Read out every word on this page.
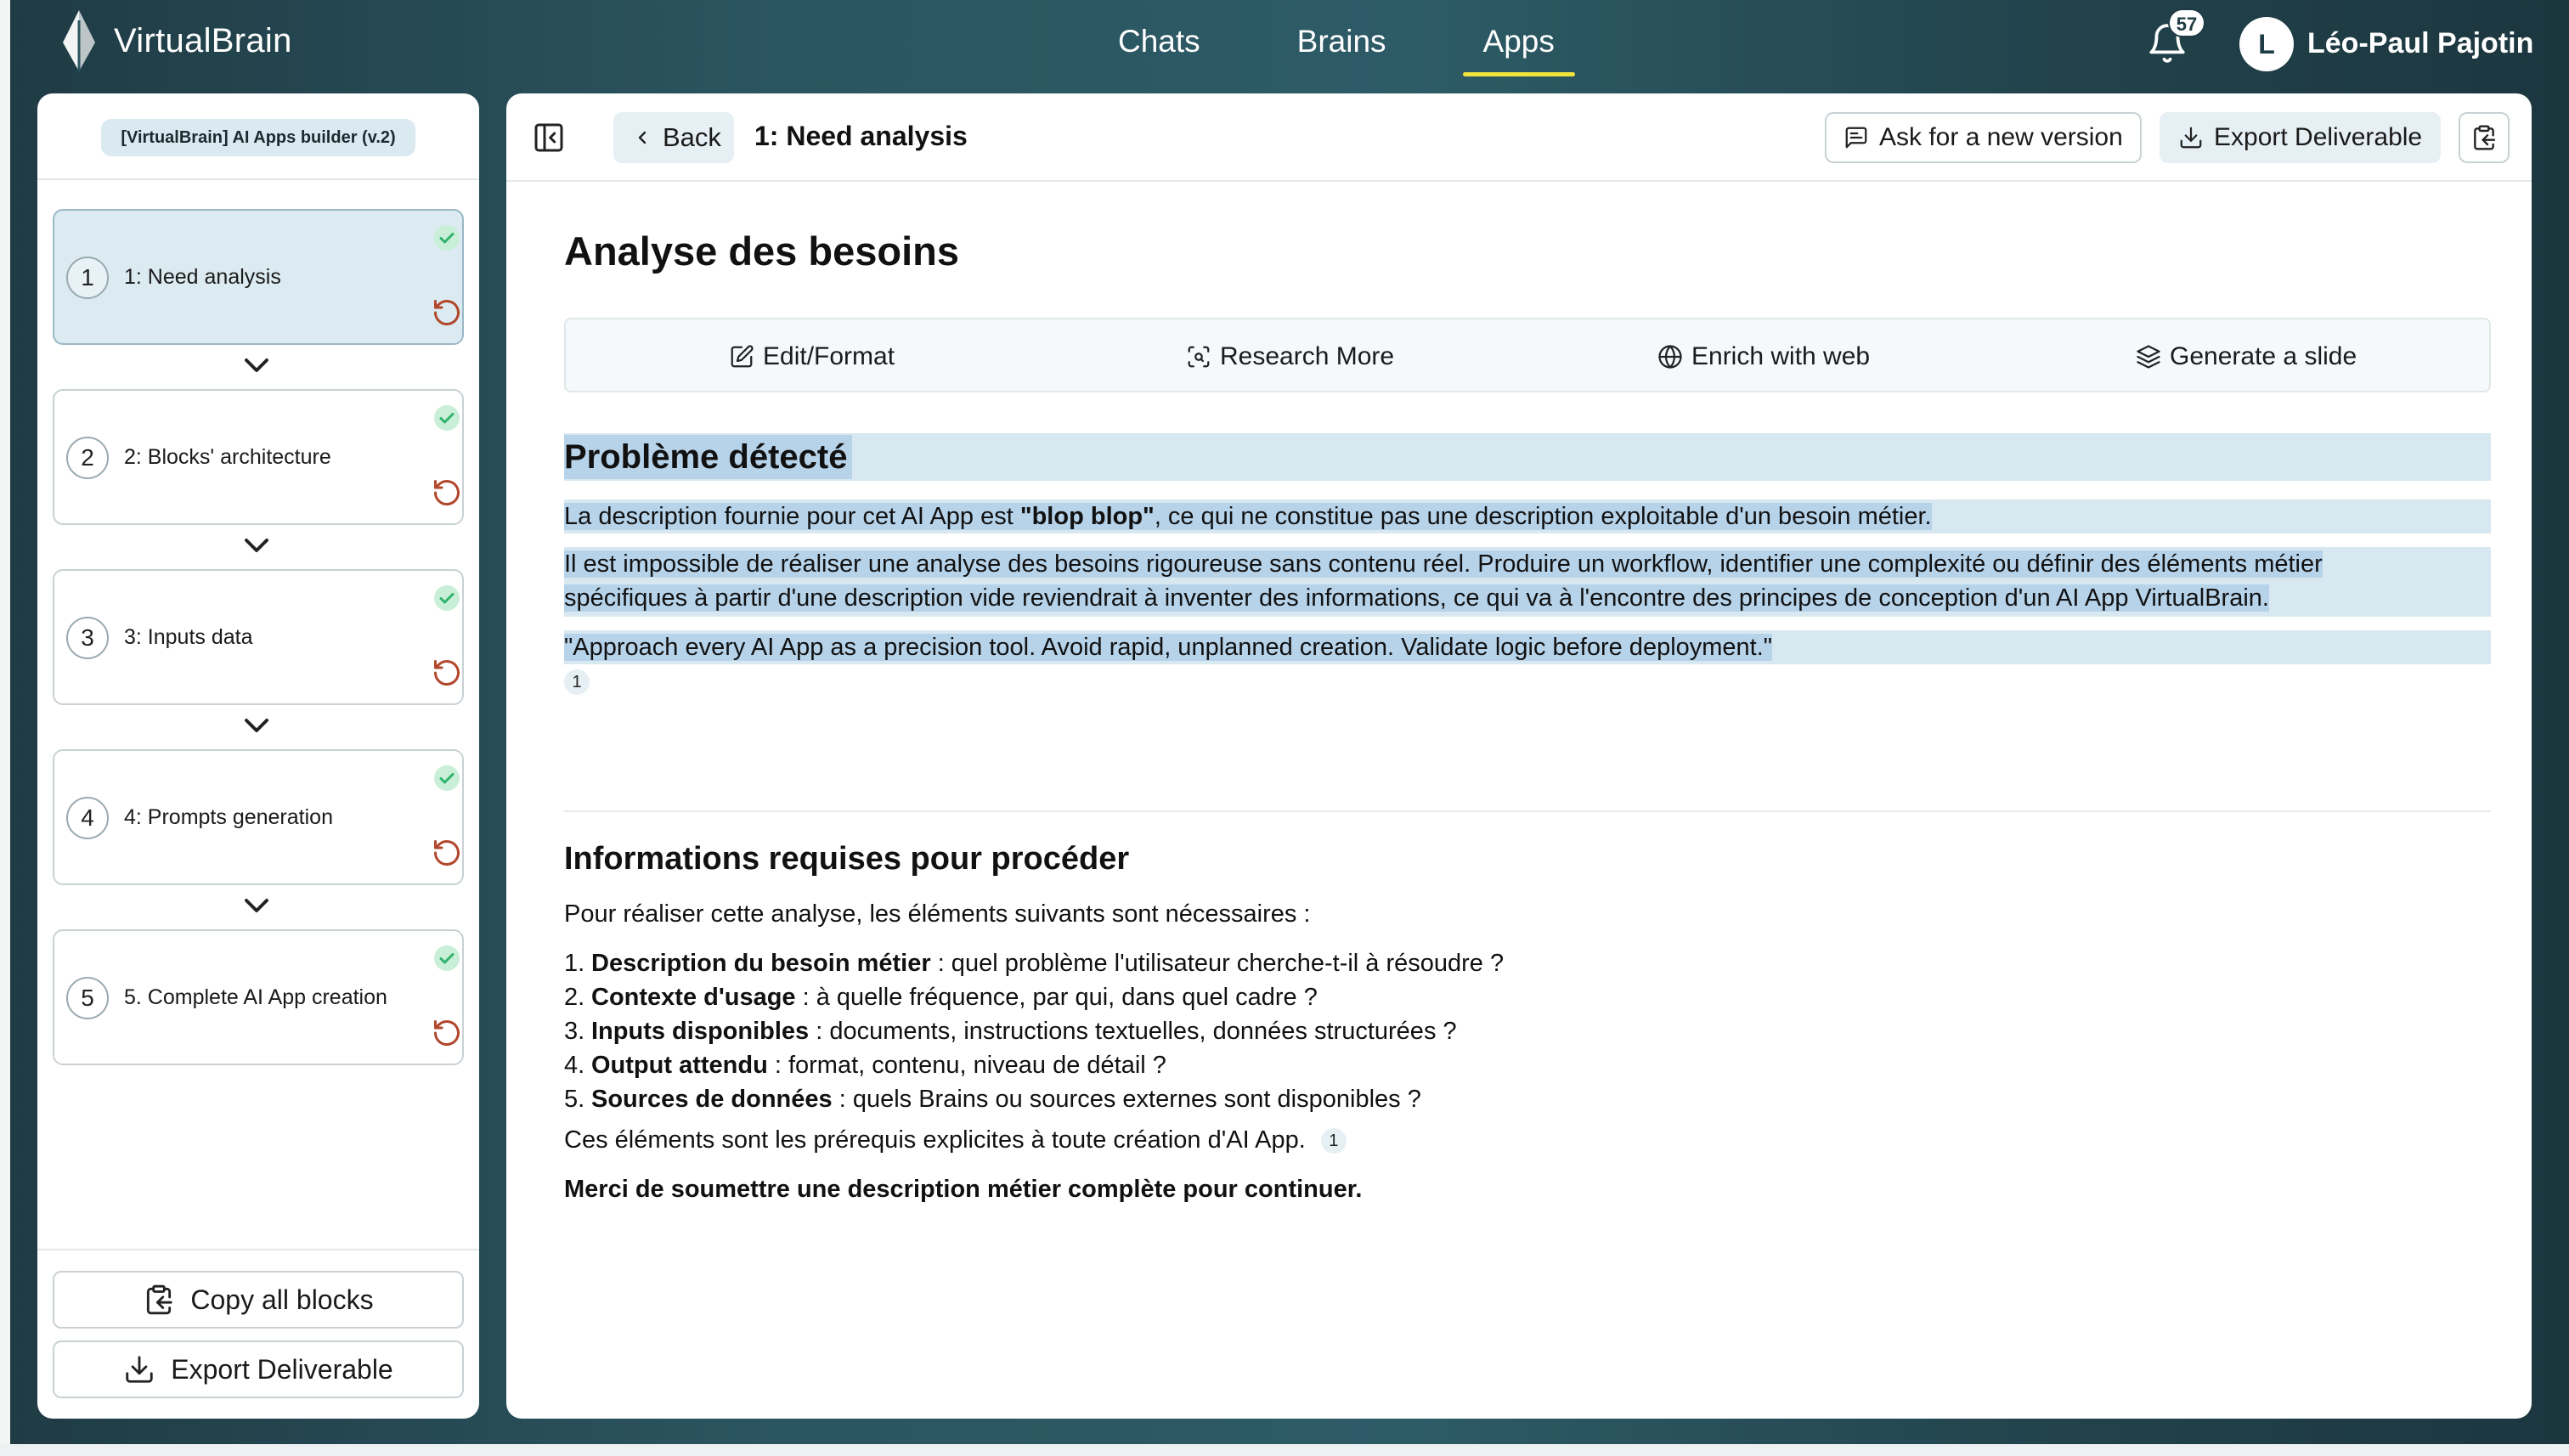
VirtualBrain	Chats	Brains	Apps	57
L	Léo-Paul Pajotin
[VirtualBrain] AI Apps builder (v.2)
1	1: Need analysis
2	2: Blocks' architecture
3	3: Inputs data
4	4: Prompts generation
5	5. Complete AI App creation
Copy all blocks
Export Deliverable
Back 1: Need analysis	Ask for a new version	Export Deliverable
Analyse des besoins
Edit/Format	Research More	Enrich with web	Generate a slide
Problème détecté
La description fournie pour cet AI App est "blop blop", ce qui ne constitue pas une description exploitable d'un besoin métier.
Il est impossible de réaliser une analyse des besoins rigoureuse sans contenu réel. Produire un workflow, identifier une complexité ou définir des éléments métier
spécifiques à partir d'une description vide reviendrait à inventer des informations, ce qui va à l'encontre des principes de conception d'un AI App VirtualBrain.
"Approach every AI App as a precision tool. Avoid rapid, unplanned creation. Validate logic before deployment."
1
Informations requises pour procéder
Pour réaliser cette analyse, les éléments suivants sont nécessaires :
1. Description du besoin métier : quel problème l'utilisateur cherche-t-il à résoudre ?
2. Contexte d'usage : à quelle fréquence, par qui, dans quel cadre ?
3. Inputs disponibles : documents, instructions textuelles, données structurées ?
4. Output attendu : format, contenu, niveau de détail ?
5. Sources de données : quels Brains ou sources externes sont disponibles ?
Ces éléments sont les prérequis explicites à toute création d'AI App. 1
Merci de soumettre une description métier complète pour continuer.
